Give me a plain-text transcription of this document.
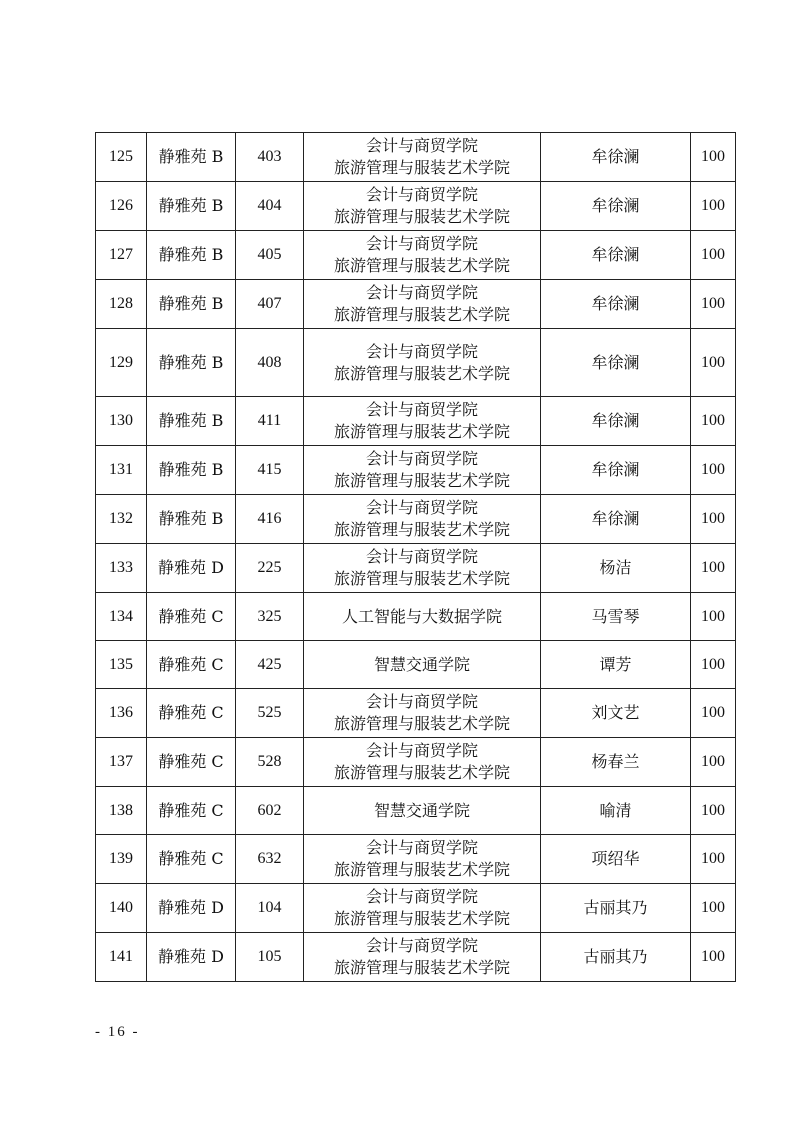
125	静雅苑 B	403	会计与商贸学院
旅游管理与服装艺术学院	牟徐澜	100
126	静雅苑 B	404	会计与商贸学院
旅游管理与服装艺术学院	牟徐澜	100
127	静雅苑 B	405	会计与商贸学院
旅游管理与服装艺术学院	牟徐澜	100
128	静雅苑 B	407	会计与商贸学院
旅游管理与服装艺术学院	牟徐澜	100
129	静雅苑 B	408	会计与商贸学院
旅游管理与服装艺术学院	牟徐澜	100
130	静雅苑 B	411	会计与商贸学院
旅游管理与服装艺术学院	牟徐澜	100
131	静雅苑 B	415	会计与商贸学院
旅游管理与服装艺术学院	牟徐澜	100
132	静雅苑 B	416	会计与商贸学院
旅游管理与服装艺术学院	牟徐澜	100
133	静雅苑 D	225	会计与商贸学院
旅游管理与服装艺术学院	杨洁	100
134	静雅苑 C	325	人工智能与大数据学院	马雪琴	100
135	静雅苑 C	425	智慧交通学院	谭芳	100
136	静雅苑 C	525	会计与商贸学院
旅游管理与服装艺术学院	刘文艺	100
137	静雅苑 C	528	会计与商贸学院
旅游管理与服装艺术学院	杨春兰	100
138	静雅苑 C	602	智慧交通学院	喻清	100
139	静雅苑 C	632	会计与商贸学院
旅游管理与服装艺术学院	项绍华	100
140	静雅苑 D	104	会计与商贸学院
旅游管理与服装艺术学院	古丽其乃	100
141	静雅苑 D	105	会计与商贸学院
旅游管理与服装艺术学院	古丽其乃	100
- 16 -
